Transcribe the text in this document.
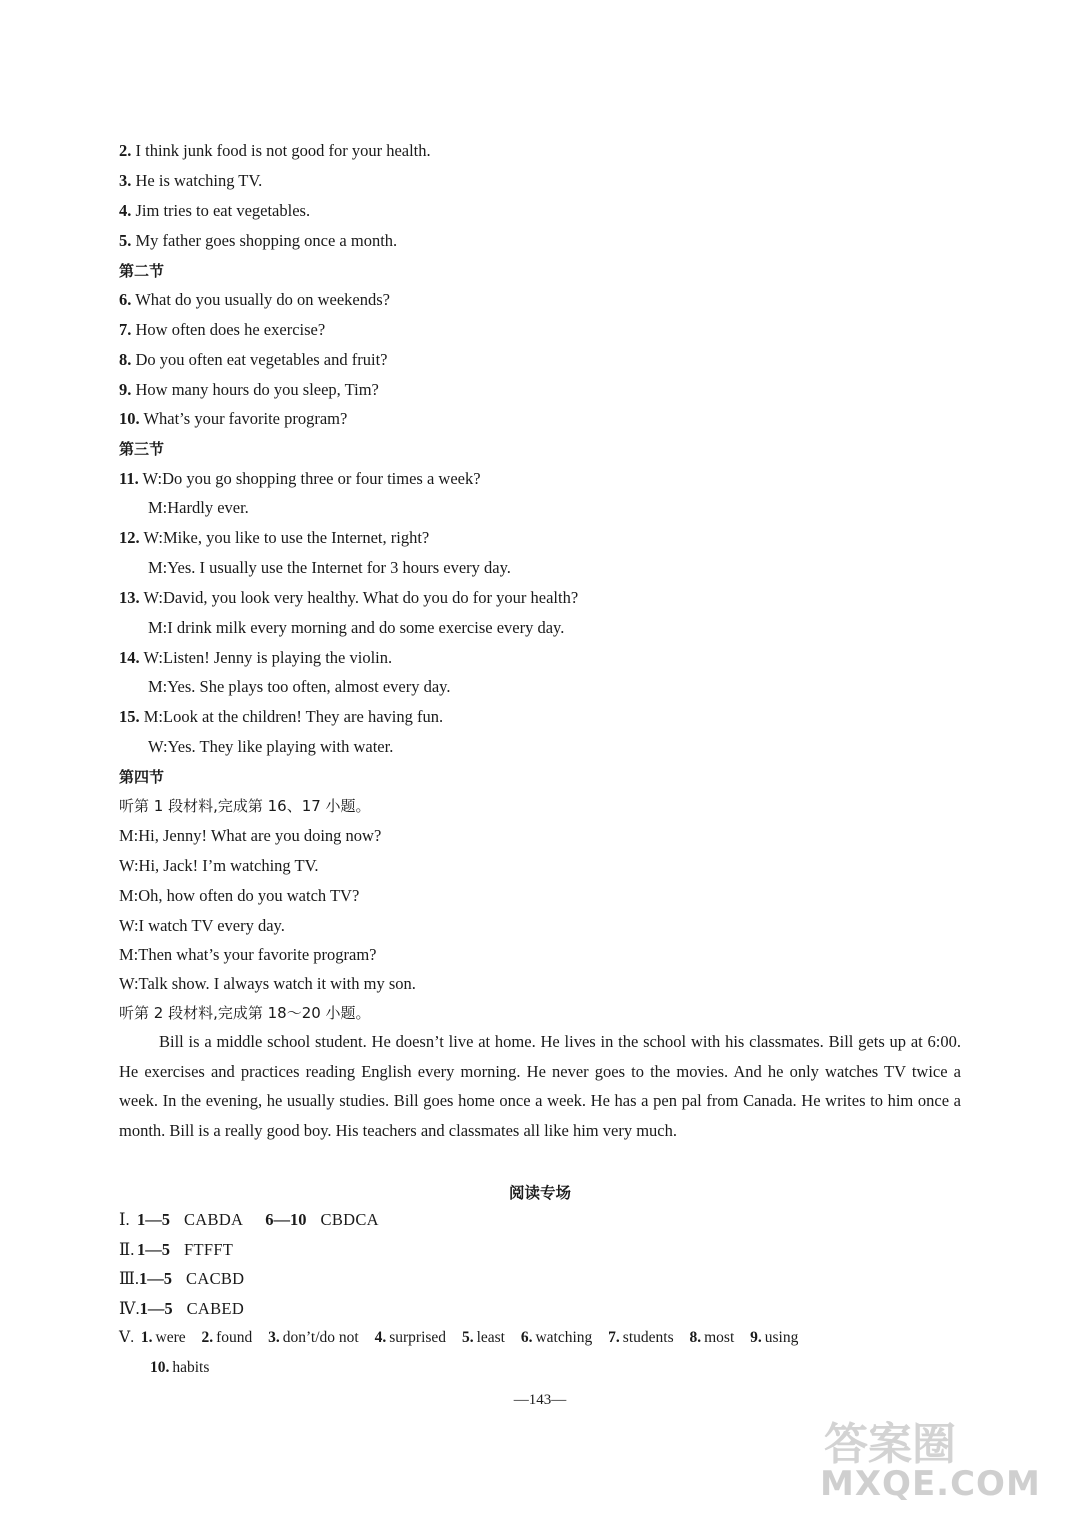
2. I think junk food is not good for your health.
3. He is watching TV.
4. Jim tries to eat vegetables.
5. My father goes shopping once a month.
第二节
6. What do you usually do on weekends?
7. How often does he exercise?
8. Do you often eat vegetables and fruit?
9. How many hours do you sleep, Tim?
10. What’s your favorite program?
第三节
11. W:Do you go shopping three or four times a week?
M:Hardly ever.
12. W:Mike, you like to use the Internet, right?
M:Yes. I usually use the Internet for 3 hours every day.
13. W:David, you look very healthy. What do you do for your health?
M:I drink milk every morning and do some exercise every day.
14. W:Listen! Jenny is playing the violin.
M:Yes. She plays too often, almost every day.
15. M:Look at the children! They are having fun.
W:Yes. They like playing with water.
第四节
听第 1 段材料,完成第 16、17 小题。
M:Hi, Jenny! What are you doing now?
W:Hi, Jack! I’m watching TV.
M:Oh, how often do you watch TV?
W:I watch TV every day.
M:Then what’s your favorite program?
W:Talk show. I always watch it with my son.
听第 2 段材料,完成第 18～20 小题。
Bill is a middle school student. He doesn’t live at home. He lives in the school with his classmates. Bill gets up at 6:00. He exercises and practices reading English every morning. He never goes to the movies. And he only watches TV twice a week. In the evening, he usually studies. Bill goes home once a week. He has a pen pal from Canada. He writes to him once a month. Bill is a really good boy. His teachers and classmates all like him very much.
阅读专场
Ⅰ. 1—5 CABDA 6—10 CBDCA
Ⅱ. 1—5 FTFFT
Ⅲ.1—5 CACBD
Ⅳ.1—5 CABED
Ⅴ. 1. were 2. found 3. don’t/do not 4. surprised 5. least 6. watching 7. students 8. most 9. using
10. habits
—143—
答案圈
MXQE.COM
